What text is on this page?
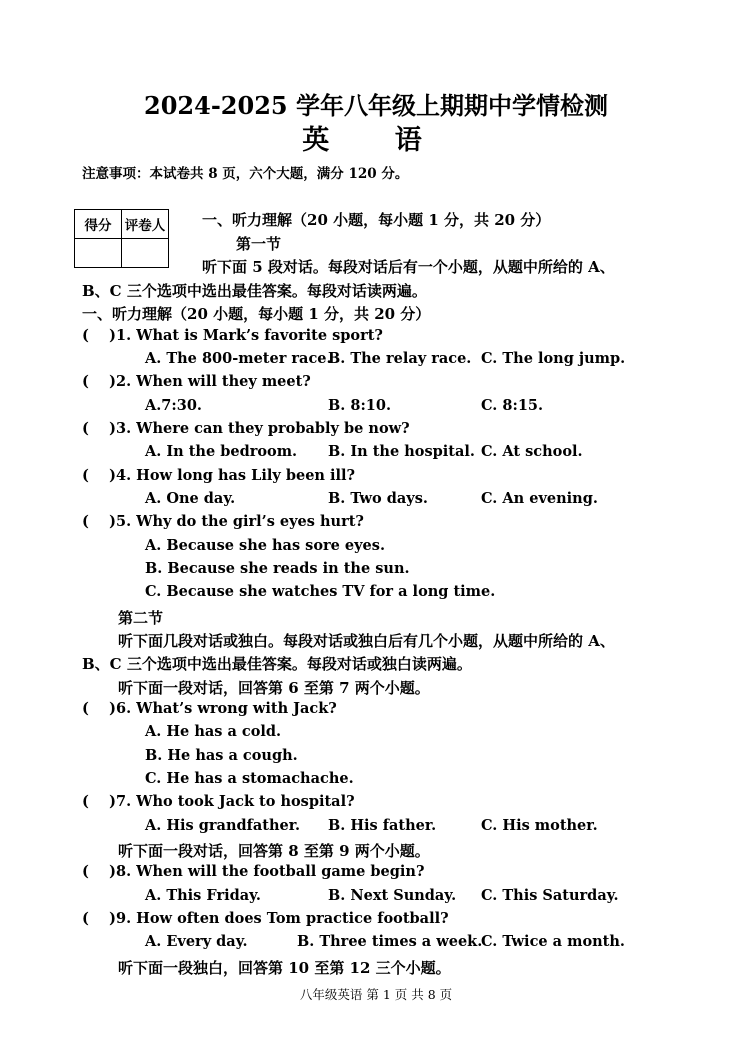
2024-2025 学年八年级上期期中学情检测
英 语
注意事项：本试卷共 8 页，六个大题，满分 120 分。
得分	评卷人
	一、听力理解（20 小题，每小题 1 分，共 20 分）
第一节
听下面 5 段对话。每段对话后有一个小题，从题中所给的 A、
B、C 三个选项中选出最佳答案。每段对话读两遍。
一、听力理解（20 小题，每小题 1 分，共 20 分）
( )1. What is Mark’s favorite sport?
A. The 800-meter race.
B. The relay race. C. The long jump.
( )2. When will they meet?
A.7:30.	B. 8:10.	C. 8:15.
( )3. Where can they probably be now?
A. In the bedroom. B. In the hospital. C. At school.
( )4. How long has Lily been ill?
A. One day.	B. Two days.	C. An evening.
( )5. Why do the girl’s eyes hurt?
A. Because she has sore eyes.
B. Because she reads in the sun.
C. Because she watches TV for a long time.
第二节
听下面几段对话或独白。每段对话或独白后有几个小题，从题中所给的 A、
B、C 三个选项中选出最佳答案。每段对话或独白读两遍。
听下面一段对话，回答第 6 至第 7 两个小题。
( )6. What’s wrong with Jack?
A. He has a cold.
B. He has a cough.
C. He has a stomachache.
( )7. Who took Jack to hospital?
A. His grandfather. B. His father.	C. His mother.
听下面一段对话，回答第 8 至第 9 两个小题。
( )8. When will the football game begin?
A. This Friday.	B. Next Sunday. C. This Saturday.
( )9. How often does Tom practice football?
A. Every day.	B. Three times a week.
C. Twice a month.
听下面一段独白，回答第 10 至第 12 三个小题。
八年级英语 第 1 页 共 8 页
